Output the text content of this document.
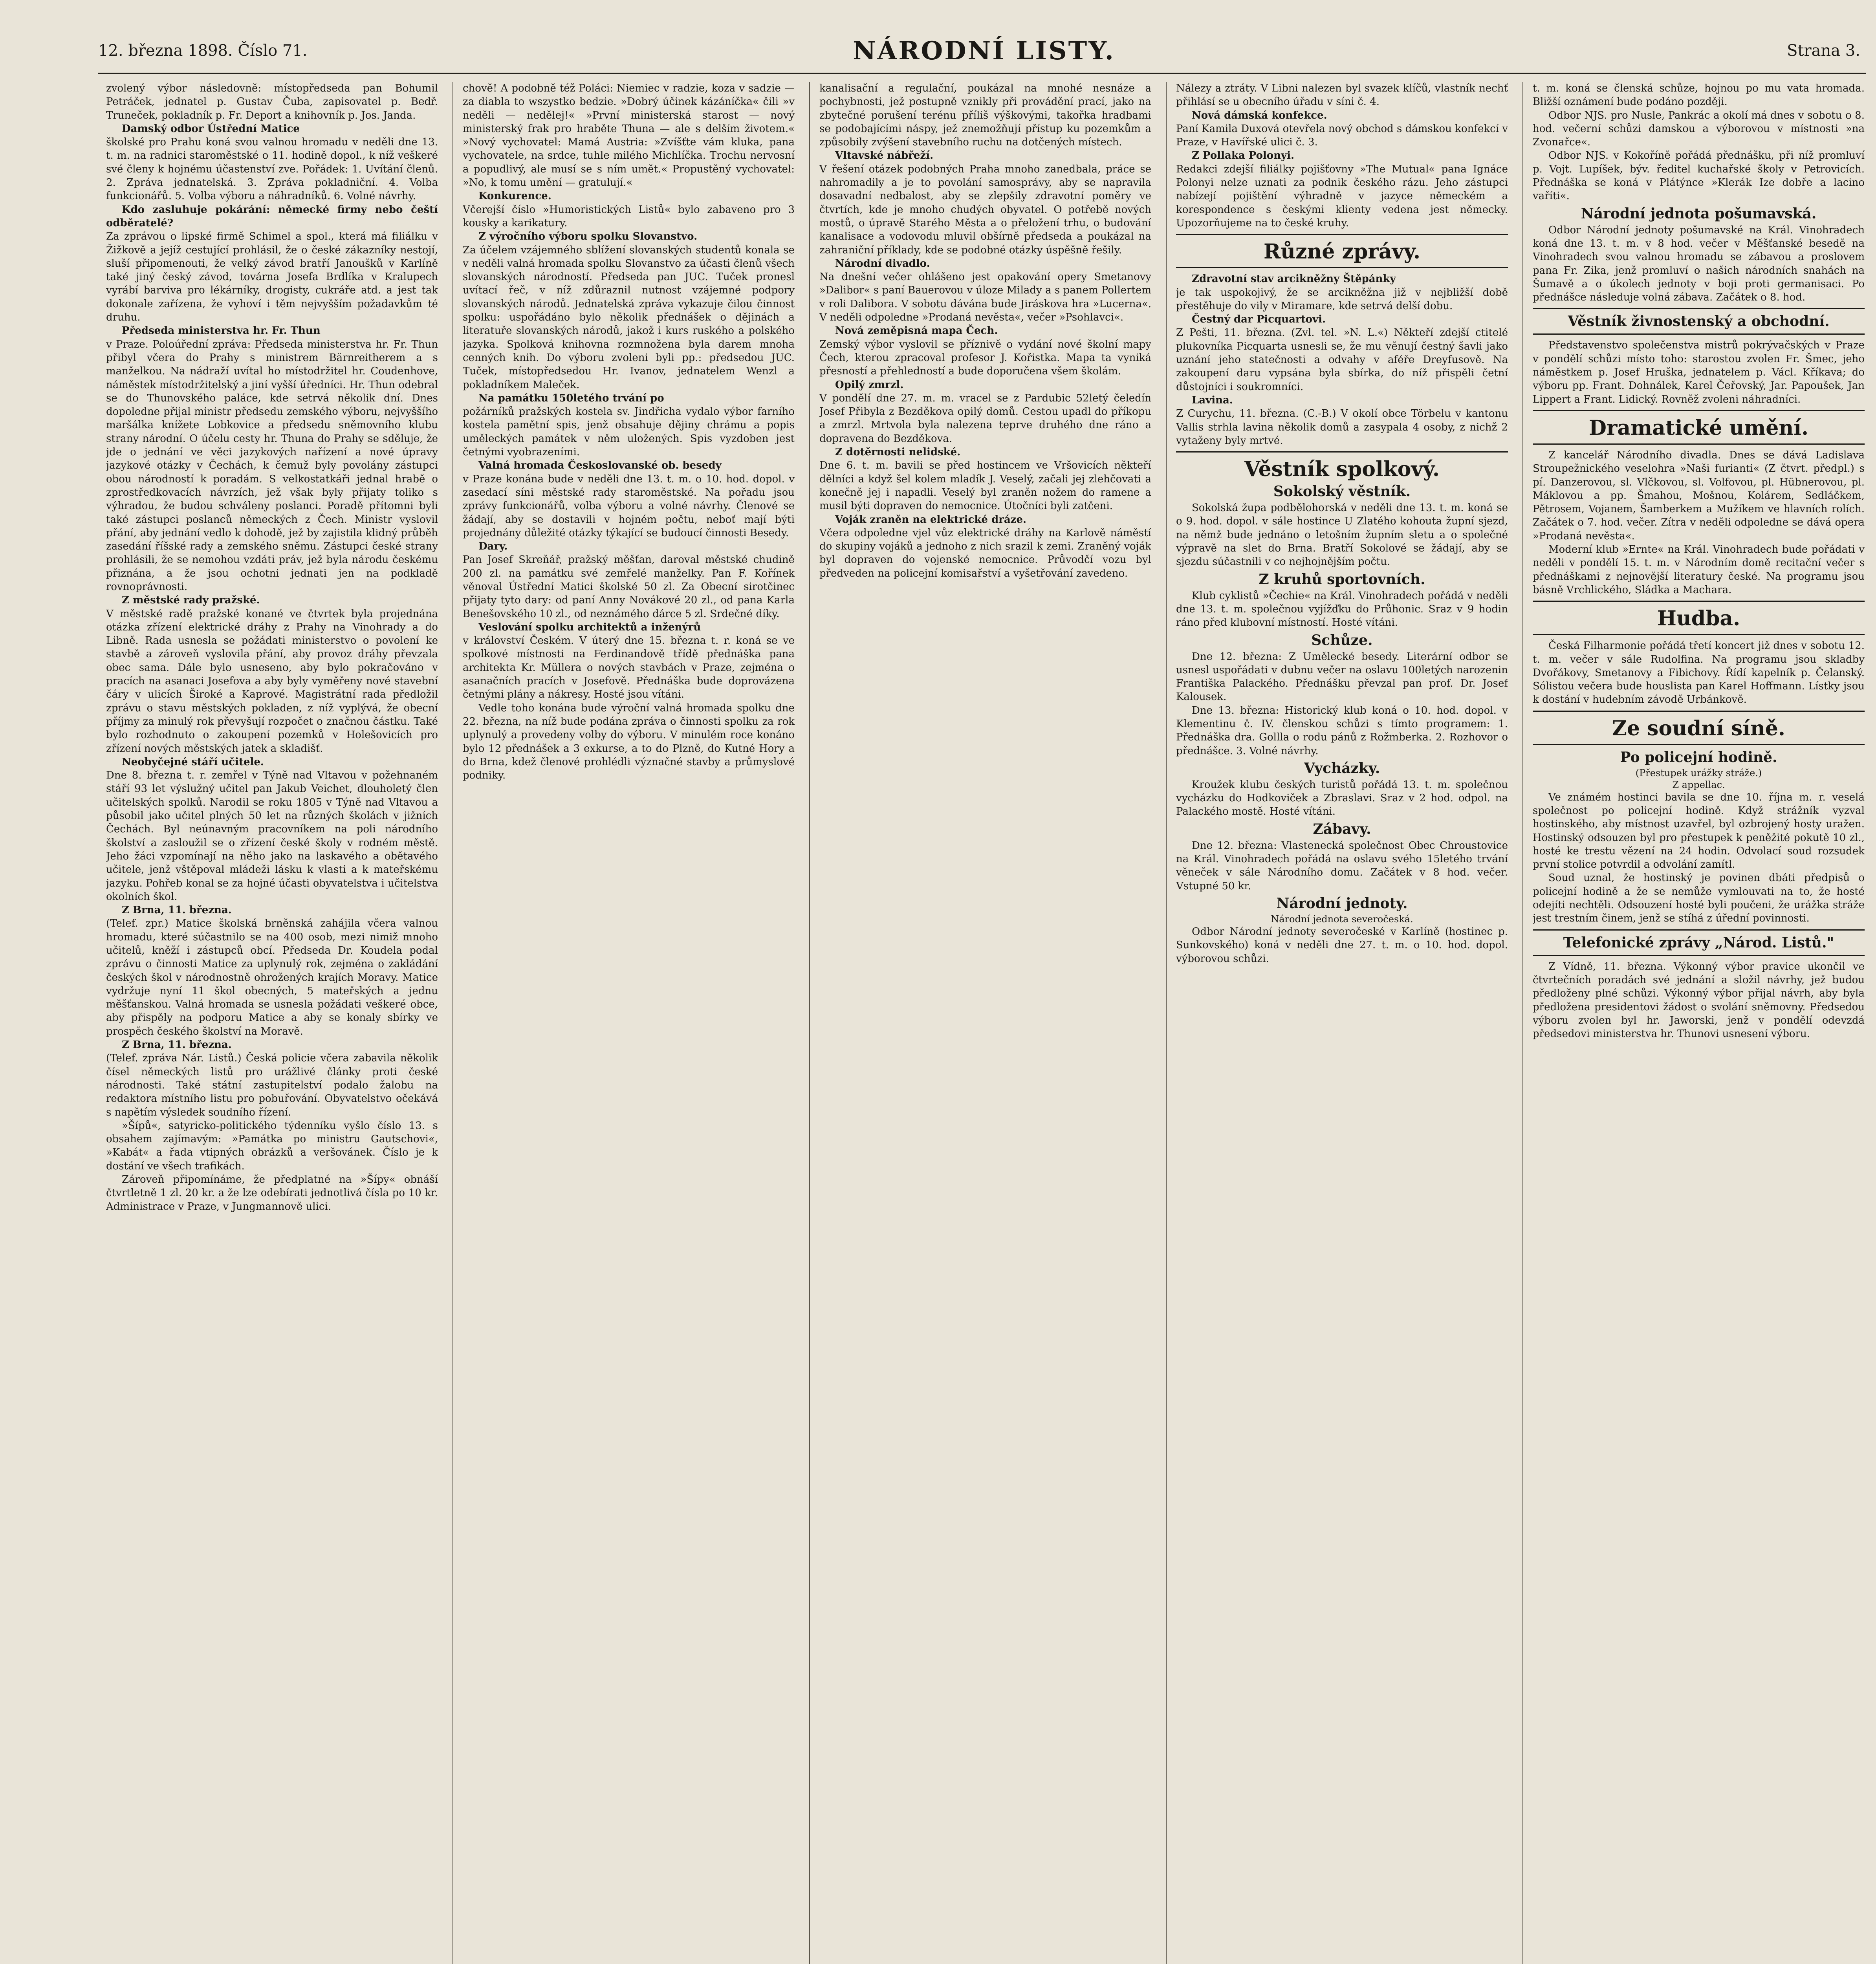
12. března 1898. Číslo 71.	NÁRODNÍ LISTY.	Strana 3.

zvolený výbor následovně: místopředseda pan Bohumil Petráček, jednatel p. Gustav Čuba, zapisovatel p. Bedř. Truneček, pokladník p. Fr. Deport a knihovník p. Jos. Janda.

Damský odbor Ústřední Matice

školské pro Prahu koná svou valnou hromadu v neděli dne 13. t. m. na radnici staroměstské o 11. hodině dopol., k níž veškeré své členy k hojnému účastenství zve. Pořádek: 1. Uvítání členů. 2. Zpráva jednatelská. 3. Zpráva pokladniční. 4. Volba funkcionářů. 5. Volba výboru a náhradníků. 6. Volné návrhy.

Kdo zasluhuje pokárání: německé firmy nebo čeští odběratelé?

Za zprávou o lipské firmě Schimel a spol., která má filiálku v Žižkově a jejíž cestující prohlásil, že o české zákazníky nestojí, sluší připomenouti, že velký závod bratří Janoušků v Karlíně také jiný český závod, továrna Josefa Brdlíka v Kralupech vyrábí barviva pro lékárníky, drogisty, cukráře atd. a jest tak dokonale zařízena, že vyhoví i těm nejvyšším požadavkům té druhu.

Předseda ministerstva hr. Fr. Thun

v Praze. Poloúřední zpráva: Předseda ministerstva hr. Fr. Thun přibyl včera do Prahy s ministrem Bärnreitherem a s manželkou. Na nádraží uvítal ho místodržitel hr. Coudenhove, náměstek místodržitelský a jiní vyšší úředníci. Hr. Thun odebral se do Thunovského paláce, kde setrvá několik dní. Dnes dopoledne přijal ministr předsedu zemského výboru, nejvyššího maršálka knížete Lobkovice a předsedu sněmovního klubu strany národní. O účelu cesty hr. Thuna do Prahy se sděluje, že jde o jednání ve věci jazykových nařízení a nové úpravy jazykové otázky v Čechách, k čemuž byly povolány zástupci obou národností k poradám. S velkostatkáři jednal hrabě o zprostředkovacích návrzích, jež však byly přijaty toliko s výhradou, že budou schváleny poslanci. Poradě přítomni byli také zástupci poslanců německých z Čech. Ministr vyslovil přání, aby jednání vedlo k dohodě, jež by zajistila klidný průběh zasedání říšské rady a zemského sněmu. Zástupci české strany prohlásili, že se nemohou vzdáti práv, jež byla národu českému přiznána, a že jsou ochotni jednati jen na podkladě rovnoprávnosti.

Z městské rady pražské.

V městské radě pražské konané ve čtvrtek byla projednána otázka zřízení elektrické dráhy z Prahy na Vinohrady a do Libně. Rada usnesla se požádati ministerstvo o povolení ke stavbě a zároveň vyslovila přání, aby provoz dráhy převzala obec sama. Dále bylo usneseno, aby bylo pokračováno v pracích na asanaci Josefova a aby byly vyměřeny nové stavební čáry v ulicích Široké a Kaprové. Magistrátní rada předložil zprávu o stavu městských pokladen, z níž vyplývá, že obecní příjmy za minulý rok převyšují rozpočet o značnou částku. Také bylo rozhodnuto o zakoupení pozemků v Holešovicích pro zřízení nových městských jatek a skladišť.

Neobyčejné stáří učitele.

Dne 8. března t. r. zemřel v Týně nad Vltavou v požehnaném stáří 93 let výslužný učitel pan Jakub Veichet, dlouholetý člen učitelských spolků. Narodil se roku 1805 v Týně nad Vltavou a působil jako učitel plných 50 let na různých školách v jižních Čechách. Byl neúnavným pracovníkem na poli národního školství a zasloužil se o zřízení české školy v rodném městě. Jeho žáci vzpomínají na něho jako na laskavého a obětavého učitele, jenž vštěpoval mládeži lásku k vlasti a k mateřskému jazyku. Pohřeb konal se za hojné účasti obyvatelstva i učitelstva okolních škol.

Z Brna, 11. března.

(Telef. zpr.) Matice školská brněnská zahájila včera valnou hromadu, které súčastnilo se na 400 osob, mezi nimiž mnoho učitelů, kněží i zástupců obcí. Předseda Dr. Koudela podal zprávu o činnosti Matice za uplynulý rok, zejména o zakládání českých škol v národnostně ohrožených krajích Moravy. Matice vydržuje nyní 11 škol obecných, 5 mateřských a jednu měšťanskou. Valná hromada se usnesla požádati veškeré obce, aby přispěly na podporu Matice a aby se konaly sbírky ve prospěch českého školství na Moravě.

Z Brna, 11. března.

(Telef. zpráva Nár. Listů.) Česká policie včera zabavila několik čísel německých listů pro urážlivé články proti české národnosti. Také státní zastupitelství podalo žalobu na redaktora místního listu pro pobuřování. Obyvatelstvo očekává s napětím výsledek soudního řízení.

»Šípů«, satyricko-politického týdenníku vyšlo číslo 13. s obsahem zajímavým: »Památka po ministru Gautschovi«, »Kabát« a řada vtipných obrázků a veršovánek. Číslo je k dostání ve všech trafikách.

Zároveň připomínáme, že předplatné na »Šípy« obnáší čtvrtletně 1 zl. 20 kr. a že lze odebírati jednotlivá čísla po 10 kr. Administrace v Praze, v Jungmannově ulici.

chově! A podobně též Poláci: Niemiec v radzie, koza v sadzie — za diabla to wszystko bedzie. »Dobrý účinek kázáníčka« čili »v neděli — nedělej!« »První ministerská starost — nový ministerský frak pro hraběte Thuna — ale s delším životem.« »Nový vychovatel: Mamá Austria: »Zvíšťte vám kluka, pana vychovatele, na srdce, tuhle milého Michlíčka. Trochu nervosní a popudlivý, ale musí se s ním umět.« Propustěný vychovatel: »No, k tomu umění — gratulují.«

Konkurence.

Včerejší číslo »Humoristických Listů« bylo zabaveno pro 3 kousky a karikatury.

Z výročního výboru spolku Slovanstvo.

Za účelem vzájemného sblížení slovanských studentů konala se v neděli valná hromada spolku Slovanstvo za účasti členů všech slovanských národností. Předseda pan JUC. Tuček pronesl uvítací řeč, v níž zdůraznil nutnost vzájemné podpory slovanských národů. Jednatelská zpráva vykazuje čilou činnost spolku: uspořádáno bylo několik přednášek o dějinách a literatuře slovanských národů, jakož i kurs ruského a polského jazyka. Spolková knihovna rozmnožena byla darem mnoha cenných knih. Do výboru zvoleni byli pp.: předsedou JUC. Tuček, místopředsedou Hr. Ivanov, jednatelem Wenzl a pokladníkem Maleček.

Na památku 150letého trvání po

požárníků pražských kostela sv. Jindřicha vydalo výbor farního kostela pamětní spis, jenž obsahuje dějiny chrámu a popis uměleckých památek v něm uložených. Spis vyzdoben jest četnými vyobrazeními.

Valná hromada Českoslovanské ob. besedy

v Praze konána bude v neděli dne 13. t. m. o 10. hod. dopol. v zasedací síni městské rady staroměstské. Na pořadu jsou zprávy funkcionářů, volba výboru a volné návrhy. Členové se žádají, aby se dostavili v hojném počtu, neboť mají býti projednány důležité otázky týkající se budoucí činnosti Besedy.

Dary.

Pan Josef Skreňář, pražský měšťan, daroval městské chudině 200 zl. na památku své zemřelé manželky. Pan F. Kořínek věnoval Ústřední Matici školské 50 zl. Za Obecní sirotčinec přijaty tyto dary: od paní Anny Novákové 20 zl., od pana Karla Benešovského 10 zl., od neznámého dárce 5 zl. Srdečné díky.

Veslování spolku architektů a inženýrů

v království Českém. V úterý dne 15. března t. r. koná se ve spolkové místnosti na Ferdinandově třídě přednáška pana architekta Kr. Müllera o nových stavbách v Praze, zejména o asanačních pracích v Josefově. Přednáška bude doprovázena četnými plány a nákresy. Hosté jsou vítáni.

Vedle toho konána bude výroční valná hromada spolku dne 22. března, na níž bude podána zpráva o činnosti spolku za rok uplynulý a provedeny volby do výboru. V minulém roce konáno bylo 12 přednášek a 3 exkurse, a to do Plzně, do Kutné Hory a do Brna, kdež členové prohlédli význačné stavby a průmyslové podniky.

kanalisační a regulační, poukázal na mnohé nesnáze a pochybnosti, jež postupně vznikly při provádění prací, jako na zbytečné porušení terénu příliš výškovými, takořka hradbami se podobajícími náspy, jež znemožňují přístup ku pozemkům a způsobily zvýšení stavebního ruchu na dotčených místech.

Vltavské nábřeží.

V řešení otázek podobných Praha mnoho zanedbala, práce se nahromadily a je to povolání samosprávy, aby se napravila dosavadní nedbalost, aby se zlepšily zdravotní poměry ve čtvrtích, kde je mnoho chudých obyvatel. O potřebě nových mostů, o úpravě Starého Města a o přeložení trhu, o budování kanalisace a vodovodu mluvil obšírně předseda a poukázal na zahraniční příklady, kde se podobné otázky úspěšně řešily.

Národní divadlo.

Na dnešní večer ohlášeno jest opakování opery Smetanovy »Dalibor« s paní Bauerovou v úloze Milady a s panem Pollertem v roli Dalibora. V sobotu dávána bude Jiráskova hra »Lucerna«. V neděli odpoledne »Prodaná nevěsta«, večer »Psohlavci«.

Nová zeměpisná mapa Čech.

Zemský výbor vyslovil se příznivě o vydání nové školní mapy Čech, kterou zpracoval profesor J. Kořistka. Mapa ta vyniká přesností a přehledností a bude doporučena všem školám.

Opilý zmrzl.

V pondělí dne 27. m. m. vracel se z Pardubic 52letý čeledín Josef Přibyla z Bezděkova opilý domů. Cestou upadl do příkopu a zmrzl. Mrtvola byla nalezena teprve druhého dne ráno a dopravena do Bezděkova.

Z dotěrnosti nelidské.

Dne 6. t. m. bavili se před hostincem ve Vršovicích někteří dělníci a když šel kolem mladík J. Veselý, začali jej zlehčovati a konečně jej i napadli. Veselý byl zraněn nožem do ramene a musil býti dopraven do nemocnice. Útočníci byli zatčeni.

Voják zraněn na elektrické dráze.

Včera odpoledne vjel vůz elektrické dráhy na Karlově náměstí do skupiny vojáků a jednoho z nich srazil k zemi. Zraněný voják byl dopraven do vojenské nemocnice. Průvodčí vozu byl předveden na policejní komisařství a vyšetřování zavedeno.

Nálezy a ztráty. V Libni nalezen byl svazek klíčů, vlastník nechť přihlásí se u obecního úřadu v síni č. 4.

Nová dámská konfekce.

Paní Kamila Duxová otevřela nový obchod s dámskou konfekcí v Praze, v Havířské ulici č. 3.

Z Pollaka Polonyi.

Redakci zdejší filiálky pojišťovny »The Mutual« pana Ignáce Polonyi nelze uznati za podnik českého rázu. Jeho zástupci nabízejí pojištění výhradně v jazyce německém a korespondence s českými klienty vedena jest německy. Upozorňujeme na to české kruhy.

Různé zprávy.

Zdravotní stav arcikněžny Štěpánky

je tak uspokojivý, že se arcikněžna již v nejbližší době přestěhuje do vily v Miramare, kde setrvá delší dobu.

Čestný dar Picquartovi.

Z Pešti, 11. března. (Zvl. tel. »N. L.«) Někteří zdejší ctitelé plukovníka Picquarta usnesli se, že mu věnují čestný šavli jako uznání jeho statečnosti a odvahy v aféře Dreyfusově. Na zakoupení daru vypsána byla sbírka, do níž přispěli četní důstojníci i soukromníci.

Lavina.

Z Curychu, 11. března. (C.-B.) V okolí obce Törbelu v kantonu Vallis strhla lavina několik domů a zasypala 4 osoby, z nichž 2 vytaženy byly mrtvé.

Věstník spolkový.
Sokolský věstník.

Sokolská župa podbělohorská v neděli dne 13. t. m. koná se o 9. hod. dopol. v sále hostince U Zlatého kohouta župní sjezd, na němž bude jednáno o letošním župním sletu a o společné výpravě na slet do Brna. Bratří Sokolové se žádají, aby se sjezdu súčastnili v co nejhojnějším počtu.

Z kruhů sportovních.

Klub cyklistů »Čechie« na Král. Vinohradech pořádá v neděli dne 13. t. m. společnou vyjížďku do Průhonic. Sraz v 9 hodin ráno před klubovní místností. Hosté vítáni.

Schůze.

Dne 12. března: Z Umělecké besedy. Literární odbor se usnesl uspořádati v dubnu večer na oslavu 100letých narozenin Františka Palackého. Přednášku převzal pan prof. Dr. Josef Kalousek.

Dne 13. března: Historický klub koná o 10. hod. dopol. v Klementinu č. IV. členskou schůzi s tímto programem: 1. Přednáška dra. Gollla o rodu pánů z Rožmberka. 2. Rozhovor o přednášce. 3. Volné návrhy.

Vycházky.

Kroužek klubu českých turistů pořádá 13. t. m. společnou vycházku do Hodkoviček a Zbraslavi. Sraz v 2 hod. odpol. na Palackého mostě. Hosté vítáni.

Zábavy.

Dne 12. března: Vlastenecká společnost Obec Chroustovice na Král. Vinohradech pořádá na oslavu svého 15letého trvání věneček v sále Národního domu. Začátek v 8 hod. večer. Vstupné 50 kr.

Národní jednoty.
Národní jednota severočeská.

Odbor Národní jednoty severočeské v Karlíně (hostinec p. Sunkovského) koná v neděli dne 27. t. m. o 10. hod. dopol. výborovou schůzi.

t. m. koná se členská schůze, hojnou po mu vata hromada. Bližší oznámení bude podáno později.

Odbor NJS. pro Nusle, Pankrác a okolí má dnes v sobotu o 8. hod. večerní schůzi damskou a výborovou v místnosti »na Zvonařce«.

Odbor NJS. v Kokoříně pořádá přednášku, při níž promluví p. Vojt. Lupíšek, býv. ředitel kuchařské školy v Petrovicích. Přednáška se koná v Plátýnce »Klerák Ize dobře a lacino vaříti«.

Národní jednota pošumavská.

Odbor Národní jednoty pošumavské na Král. Vinohradech koná dne 13. t. m. v 8 hod. večer v Měšťanské besedě na Vinohradech svou valnou hromadu se zábavou a proslovem pana Fr. Zika, jenž promluví o našich národních snahách na Šumavě a o úkolech jednoty v boji proti germanisaci. Po přednášce následuje volná zábava. Začátek o 8. hod.

Věstník živnostenský a obchodní.

Představenstvo společenstva mistrů pokrývačských v Praze v pondělí schůzi místo toho: starostou zvolen Fr. Šmec, jeho náměstkem p. Josef Hruška, jednatelem p. Václ. Kříkava; do výboru pp. Frant. Dohnálek, Karel Čeřovský, Jar. Papoušek, Jan Lippert a Frant. Lidický. Rovněž zvoleni náhradníci.

Dramatické umění.

Z kancelář Národního divadla. Dnes se dává Ladislava Stroupežnického veselohra »Naši furianti« (Z čtvrt. předpl.) s pí. Danzerovou, sl. Vlčkovou, sl. Volfovou, pl. Hübnerovou, pl. Máklovou a pp. Šmahou, Mošnou, Kolárem, Sedláčkem, Pětrosem, Vojanem, Šamberkem a Mužíkem ve hlavních rolích. Začátek o 7. hod. večer. Zítra v neděli odpoledne se dává opera »Prodaná nevěsta«.

Moderní klub »Ernte« na Král. Vinohradech bude pořádati v neděli v pondělí 15. t. m. v Národním domě recitační večer s přednáškami z nejnovější literatury české. Na programu jsou básně Vrchlického, Sládka a Machara.

Hudba.

Česká Filharmonie pořádá třetí koncert již dnes v sobotu 12. t. m. večer v sále Rudolfina. Na programu jsou skladby Dvořákovy, Smetanovy a Fibichovy. Řídí kapelník p. Čelanský. Sólistou večera bude houslista pan Karel Hoffmann. Lístky jsou k dostání v hudebním závodě Urbánkově.

Ze soudní síně.
Po policejní hodině.
(Přestupek urážky stráže.)
Z appellac.

Ve známém hostinci bavila se dne 10. října m. r. veselá společnost po policejní hodině. Když strážník vyzval hostinského, aby místnost uzavřel, byl ozbrojený hosty uražen. Hostinský odsouzen byl pro přestupek k peněžité pokutě 10 zl., hosté ke trestu vězení na 24 hodin. Odvolací soud rozsudek první stolice potvrdil a odvolání zamítl.

Soud uznal, že hostinský je povinen dbáti předpisů o policejní hodině a že se nemůže vymlouvati na to, že hosté odejíti nechtěli. Odsouzení hosté byli poučeni, že urážka stráže jest trestním činem, jenž se stíhá z úřední povinnosti.

Telefonické zprávy „Národ. Listů."

Z Vídně, 11. března. Výkonný výbor pravice ukončil ve čtvrtečních poradách své jednání a složil návrhy, jež budou předloženy plné schůzi. Výkonný výbor přijal návrh, aby byla předložena presidentovi žádost o svolání sněmovny. Předsedou výboru zvolen byl hr. Jaworski, jenž v pondělí odevzdá předsedovi ministerstva hr. Thunovi usnesení výboru.
